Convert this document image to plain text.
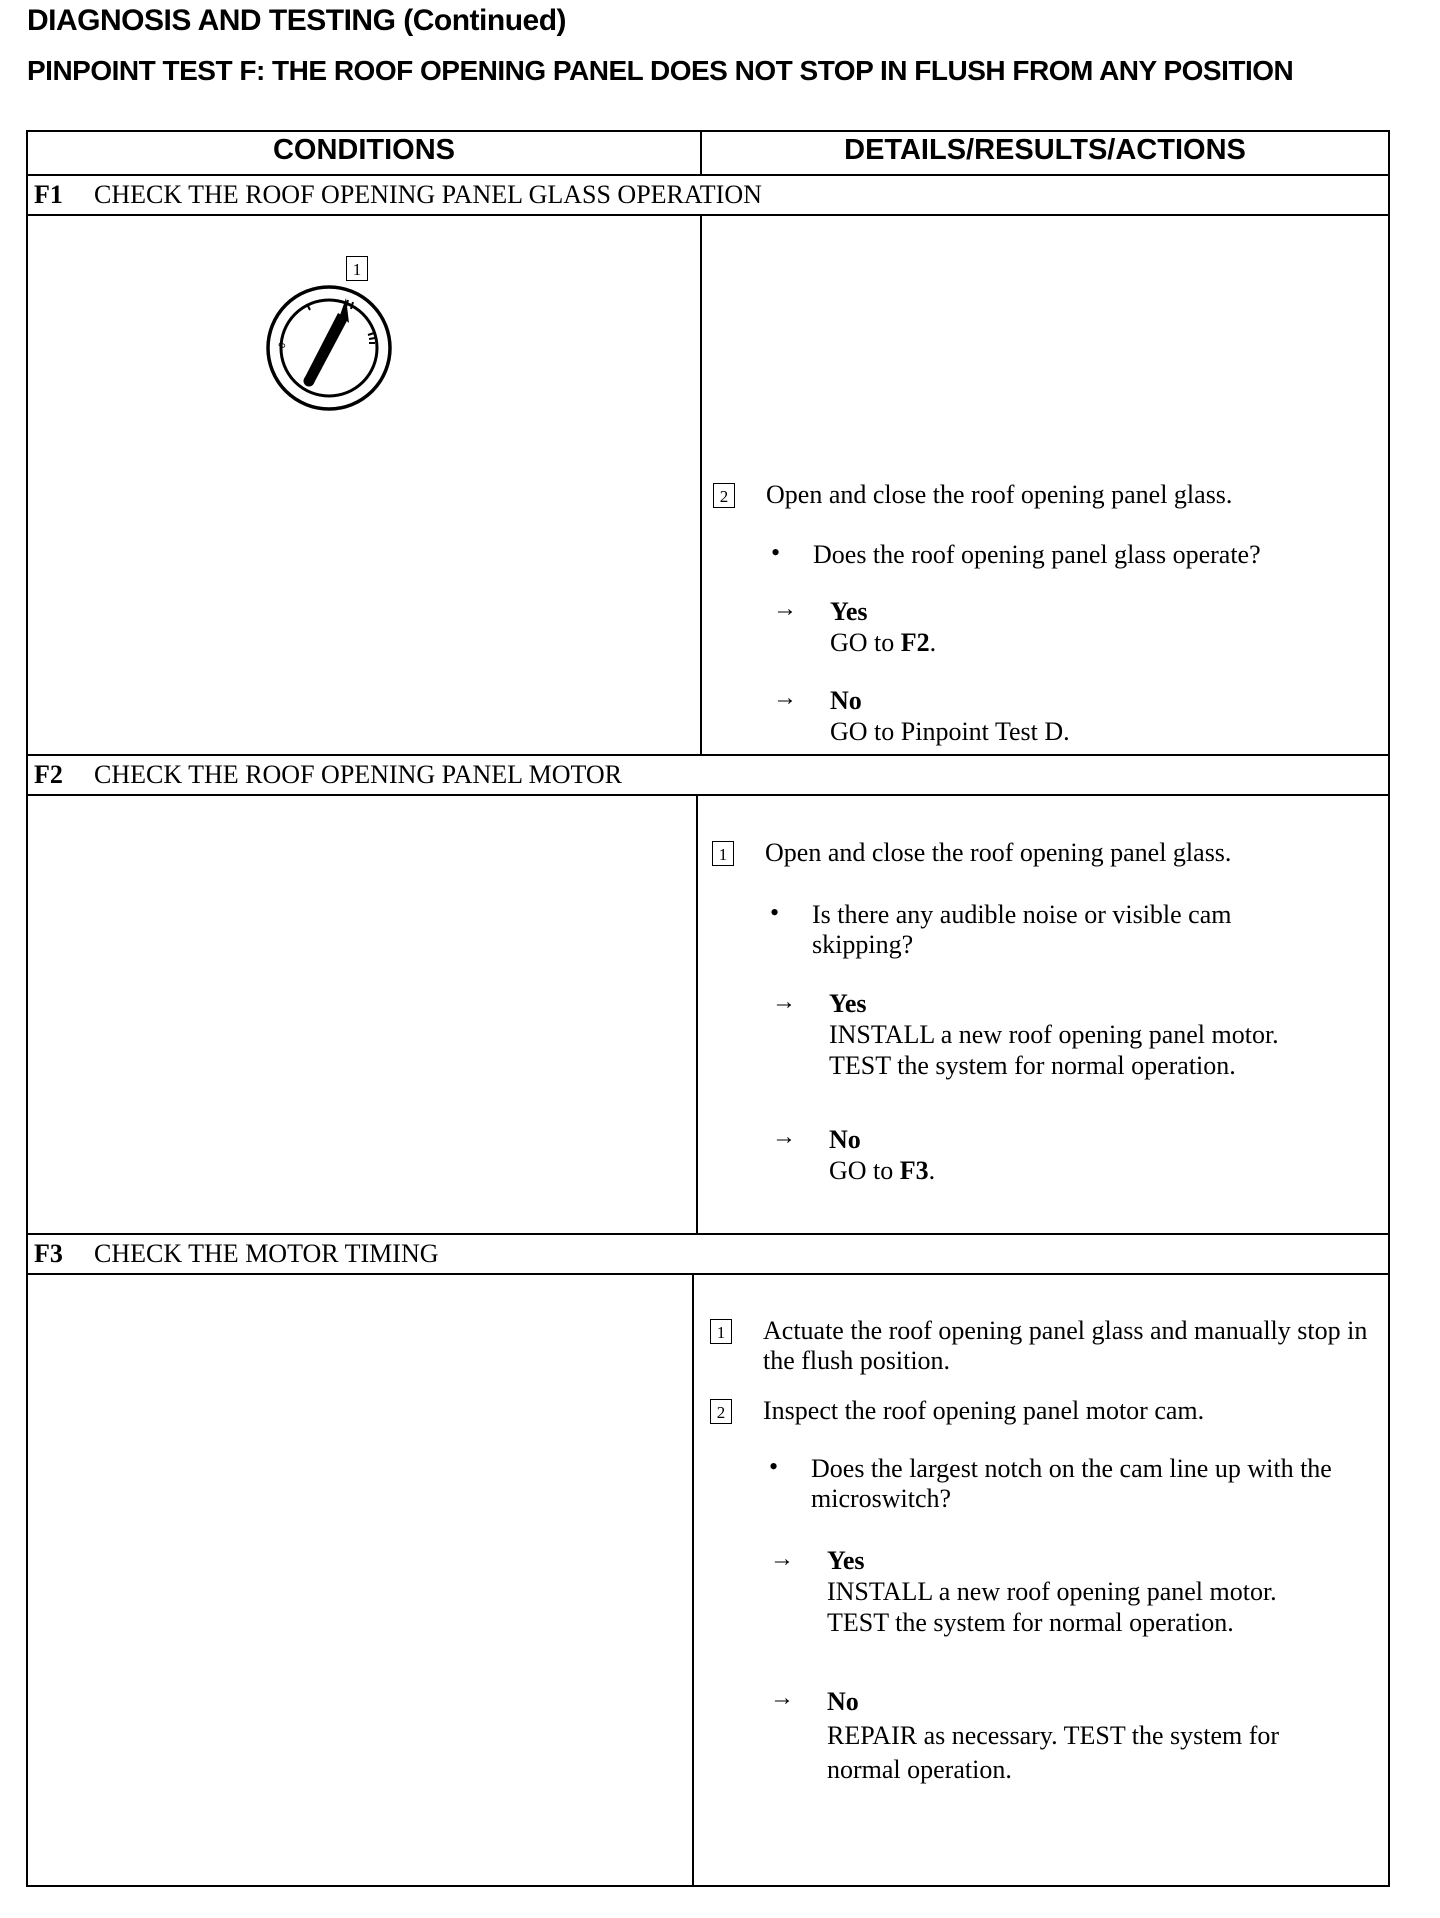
DIAGNOSIS AND TESTING (Continued)
PINPOINT TEST F: THE ROOF OPENING PANEL DOES NOT STOP IN FLUSH FROM ANY POSITION
CONDITIONS	DETAILS/RESULTS/ACTIONS
F1 CHECK THE ROOF OPENING PANEL GLASS OPERATION
1
2 Open and close the roof opening panel glass.
• Does the roof opening panel glass operate?
→ Yes
GO to F2.
→ No
GO to Pinpoint Test D.
F2 CHECK THE ROOF OPENING PANEL MOTOR
1 Open and close the roof opening panel glass.
• Is there any audible noise or visible cam skipping?
→ Yes
INSTALL a new roof opening panel motor.
TEST the system for normal operation.
→ No
GO to F3.
F3 CHECK THE MOTOR TIMING
1 Actuate the roof opening panel glass and manually stop in the flush position.
2 Inspect the roof opening panel motor cam.
• Does the largest notch on the cam line up with the microswitch?
→ Yes
INSTALL a new roof opening panel motor.
TEST the system for normal operation.
→ No
REPAIR as necessary. TEST the system for
normal operation.
0
